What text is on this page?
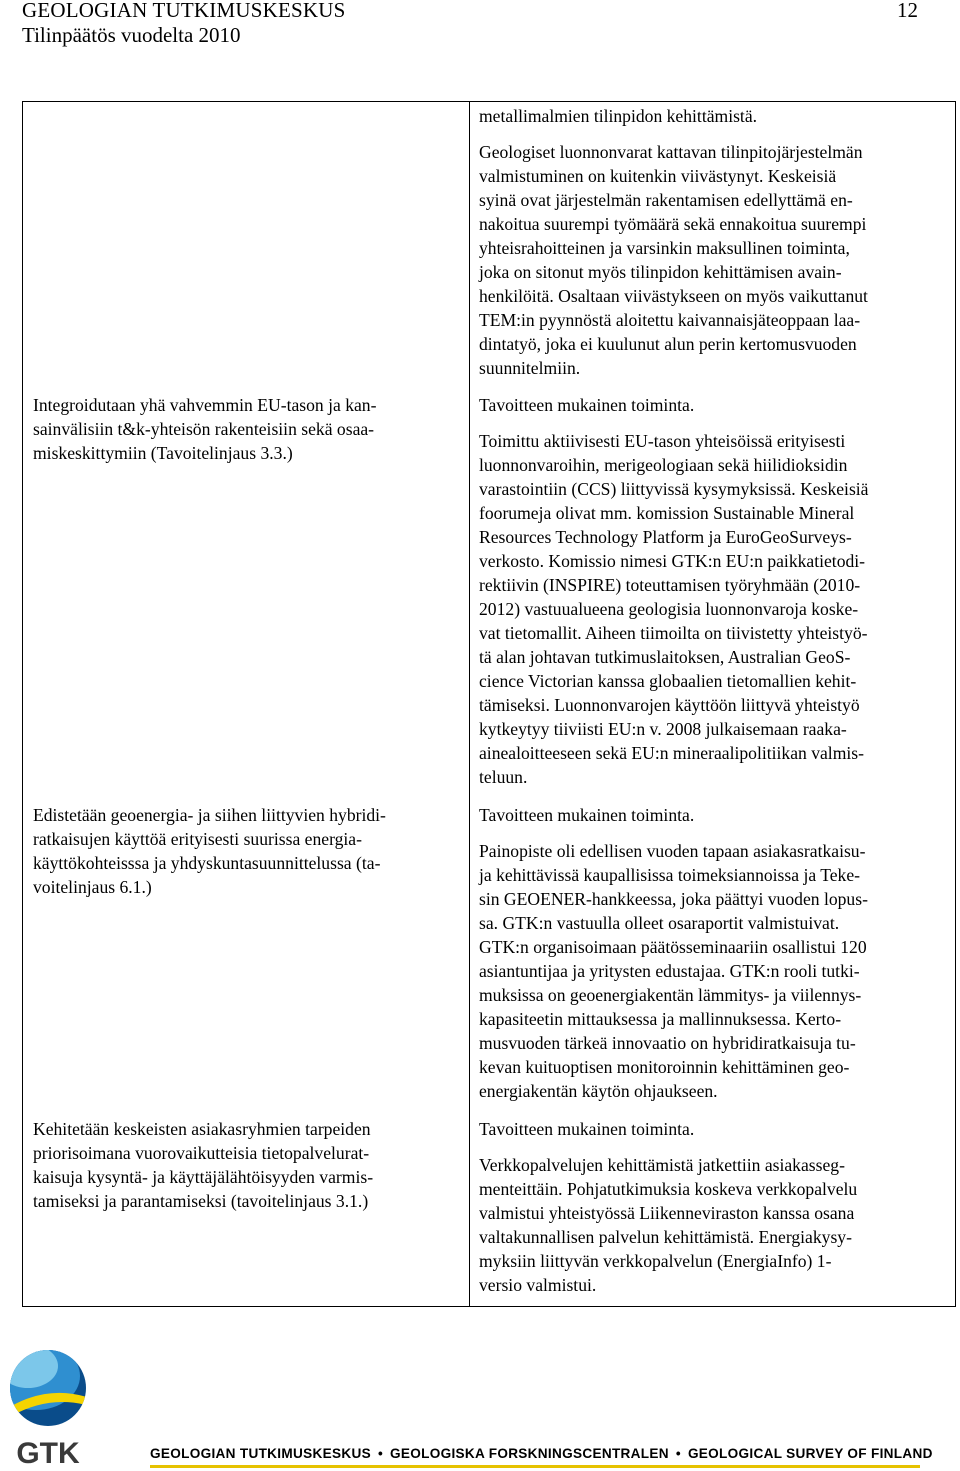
GEOLOGIAN TUTKIMUSKESKUS
Tilinpäätös vuodelta 2010
12
metallimalmien tilinpidon kehittämistä.
Geologiset luonnonvarat kattavan tilinpitojärjestelmän
valmistuminen on kuitenkin viivästynyt. Keskeisiä
syinä ovat järjestelmän rakentamisen edellyttämä en-
nakoitua suurempi työmäärä sekä ennakoitua suurempi
yhteisrahoitteinen ja varsinkin maksullinen toiminta,
joka on sitonut myös tilinpidon kehittämisen avain-
henkilöitä. Osaltaan viivästykseen on myös vaikuttanut
TEM:in pyynnöstä aloitettu kaivannaisjäteoppaan laa-
dintatyö, joka ei kuulunut alun perin kertomusvuoden
suunnitelmiin.
Integroidutaan yhä vahvemmin EU-tason ja kan-
sainvälisiin t&k-yhteisön rakenteisiin sekä osaa-
miskeskittymiin (Tavoitelinjaus 3.3.)
Tavoitteen mukainen toiminta.
Toimittu aktiivisesti EU-tason yhteisöissä erityisesti
luonnonvaroihin, merigeologiaan sekä hiilidioksidin
varastointiin (CCS) liittyvissä kysymyksissä. Keskeisiä
foorumeja olivat mm. komission Sustainable Mineral
Resources Technology Platform ja EuroGeoSurveys-
verkosto. Komissio nimesi GTK:n EU:n paikkatietodi-
rektiivin (INSPIRE) toteuttamisen työryhmään (2010-
2012) vastuualueena geologisia luonnonvaroja koske-
vat tietomallit. Aiheen tiimoilta on tiivistetty yhteistyö-
tä alan johtavan tutkimuslaitoksen, Australian GeoS-
cience Victorian kanssa globaalien tietomallien kehit-
tämiseksi. Luonnonvarojen käyttöön liittyvä yhteistyö
kytkeytyy tiiviisti EU:n v. 2008 julkaisemaan raaka-
ainealoitteeseen sekä EU:n mineraalipolitiikan valmis-
teluun.
Edistetään geoenergia- ja siihen liittyvien hybridi-
ratkaisujen käyttöä erityisesti suurissa energia-
käyttökohteisssa ja yhdyskuntasuunnittelussa (ta-
voitelinjaus 6.1.)
Tavoitteen mukainen toiminta.
Painopiste oli edellisen vuoden tapaan asiakasratkaisu-
ja kehittävissä kaupallisissa toimeksiannoissa ja Teke-
sin GEOENER-hankkeessa, joka päättyi vuoden lopus-
sa. GTK:n vastuulla olleet osaraportit valmistuivat.
GTK:n organisoimaan päätösseminaariin osallistui 120
asiantuntijaa ja yritysten edustajaa. GTK:n rooli tutki-
muksissa on geoenergiakentän lämmitys- ja viilennys-
kapasiteetin mittauksessa ja mallinnuksessa. Kerto-
musvuoden tärkeä innovaatio on hybridiratkaisuja tu-
kevan kuituoptisen monitoroinnin kehittäminen geo-
energiakentän käytön ohjaukseen.
Kehitetään keskeisten asiakasryhmien tarpeiden
priorisoimana vuorovaikutteisia tietopalvelurat-
kaisuja kysyntä- ja käyttäjälähtöisyyden varmis-
tamiseksi ja parantamiseksi (tavoitelinjaus 3.1.)
Tavoitteen mukainen toiminta.
Verkkopalvelujen kehittämistä jatkettiin asiakasseg-
menteittäin. Pohjatutkimuksia koskeva verkkopalvelu
valmistui yhteistyössä Liikenneviraston kanssa osana
valtakunnallisen palvelun kehittämistä. Energiakysy-
myksiin liittyvän verkkopalvelun (EnergiaInfo) 1-
versio valmistui.
GTK	GEOLOGIAN TUTKIMUSKESKUS • GEOLOGISKA FORSKNINGSCENTRALEN • GEOLOGICAL SURVEY OF FINLAND
